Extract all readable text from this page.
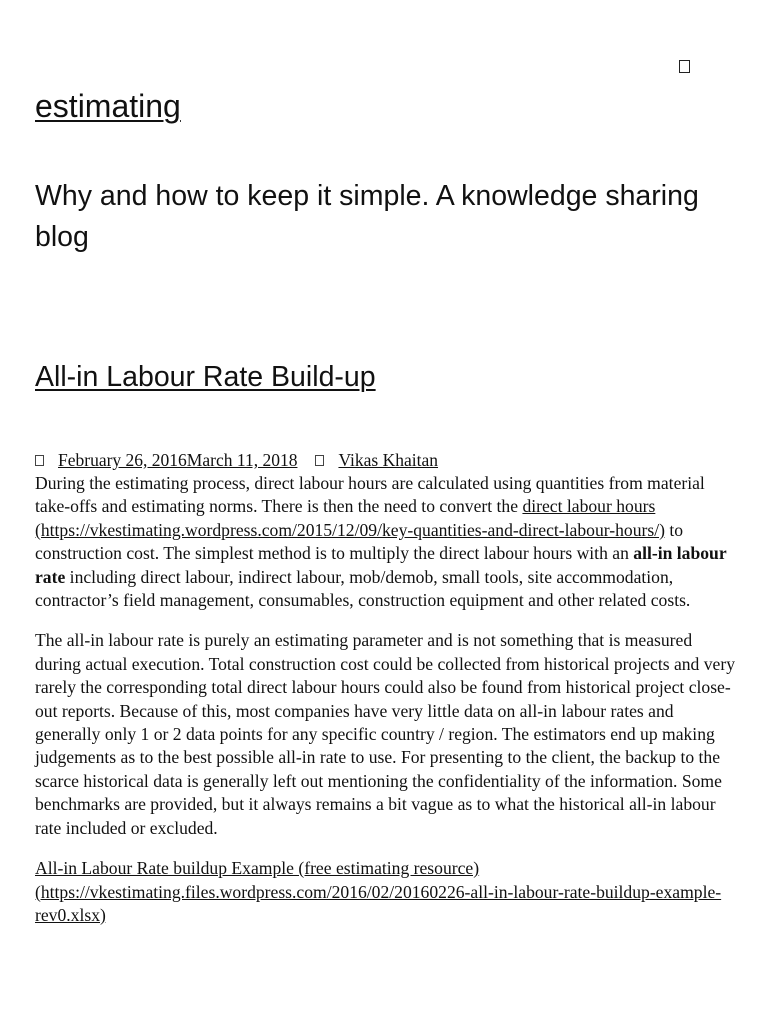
estimating

Why and how to keep it simple. A knowledge sharing blog

All-in Labour Rate Build-up
February 26, 2016March 11, 2018 Vikas Khaitan

During the estimating process, direct labour hours are calculated using quantities from material take-offs and estimating norms. There is then the need to convert the direct labour hours (https://vkestimating.wordpress.com/2015/12/09/key-quantities-and-direct-labour-hours/) to construction cost. The simplest method is to multiply the direct labour hours with an all-in labour rate including direct labour, indirect labour, mob/demob, small tools, site accommodation, contractor’s field management, consumables, construction equipment and other related costs.

The all-in labour rate is purely an estimating parameter and is not something that is measured during actual execution. Total construction cost could be collected from historical projects and very rarely the corresponding total direct labour hours could also be found from historical project close-out reports. Because of this, most companies have very little data on all-in labour rates and generally only 1 or 2 data points for any specific country / region. The estimators end up making judgements as to the best possible all-in rate to use. For presenting to the client, the backup to the scarce historical data is generally left out mentioning the confidentiality of the information. Some benchmarks are provided, but it always remains a bit vague as to what the historical all-in labour rate included or excluded.

All-in Labour Rate buildup Example (free estimating resource) (https://vkestimating.files.wordpress.com/2016/02/20160226-all-in-labour-rate-buildup-example-rev0.xlsx)
